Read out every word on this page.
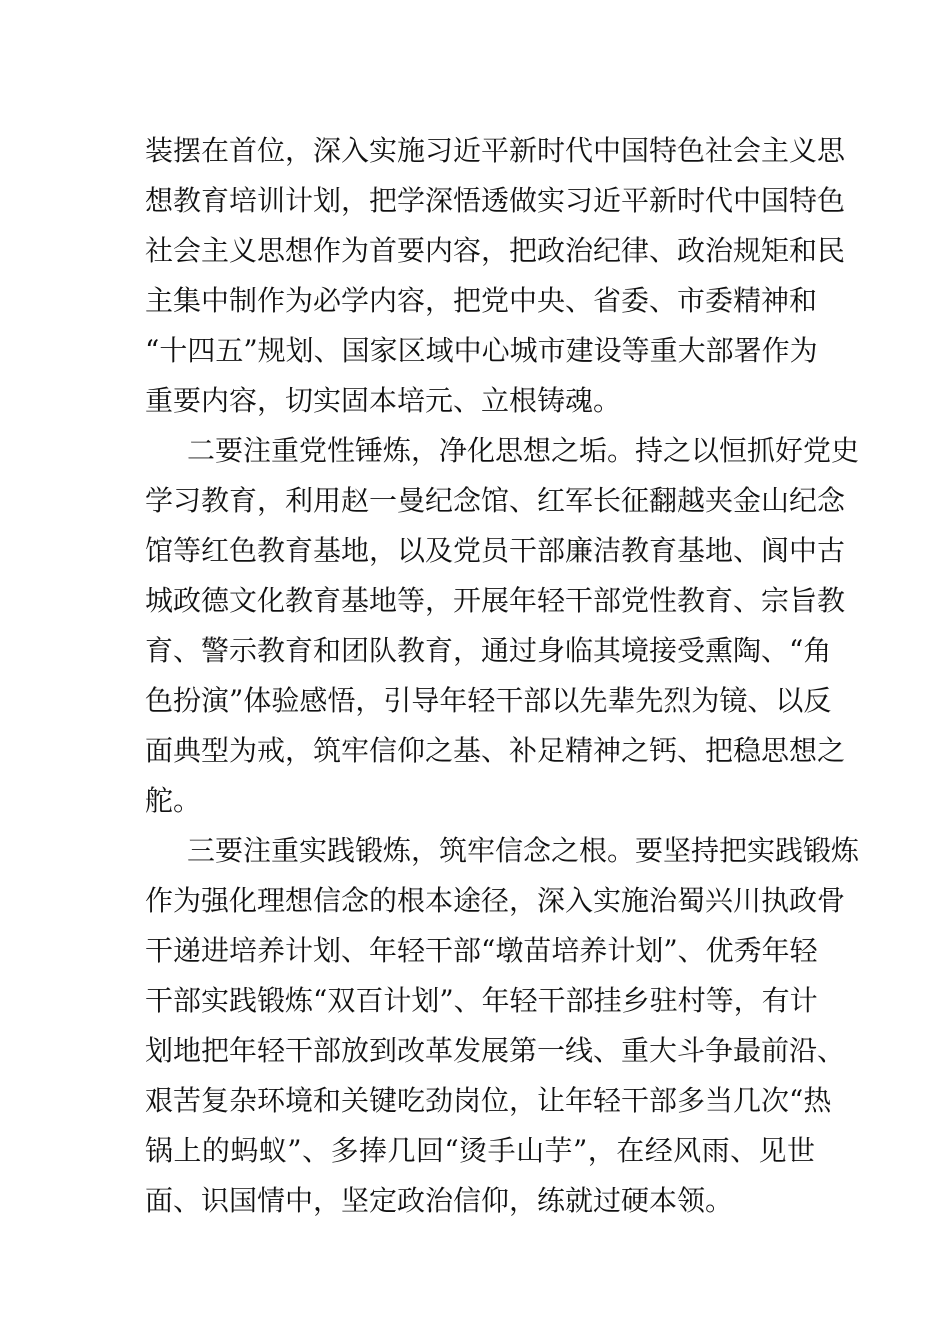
装摆在首位，深入实施习近平新时代中国特色社会主义思
想教育培训计划，把学深悟透做实习近平新时代中国特色
社会主义思想作为首要内容，把政治纪律、政治规矩和民
主集中制作为必学内容，把党中央、省委、市委精神和
“十四五”规划、国家区域中心城市建设等重大部署作为
重要内容，切实固本培元、立根铸魂。
二要注重党性锤炼，净化思想之垢。持之以恒抓好党史
学习教育，利用赵一曼纪念馆、红军长征翻越夹金山纪念
馆等红色教育基地，以及党员干部廉洁教育基地、阆中古
城政德文化教育基地等，开展年轻干部党性教育、宗旨教
育、警示教育和团队教育，通过身临其境接受熏陶、“角
色扮演”体验感悟，引导年轻干部以先辈先烈为镜、以反
面典型为戒，筑牢信仰之基、补足精神之钙、把稳思想之
舵。
三要注重实践锻炼，筑牢信念之根。要坚持把实践锻炼
作为强化理想信念的根本途径，深入实施治蜀兴川执政骨
干递进培养计划、年轻干部“墩苗培养计划”、优秀年轻
干部实践锻炼“双百计划”、年轻干部挂乡驻村等，有计
划地把年轻干部放到改革发展第一线、重大斗争最前沿、
艰苦复杂环境和关键吃劲岗位，让年轻干部多当几次“热
锅上的蚂蚁”、多捧几回“烫手山芋”，在经风雨、见世
面、识国情中，坚定政治信仰，练就过硬本领。
